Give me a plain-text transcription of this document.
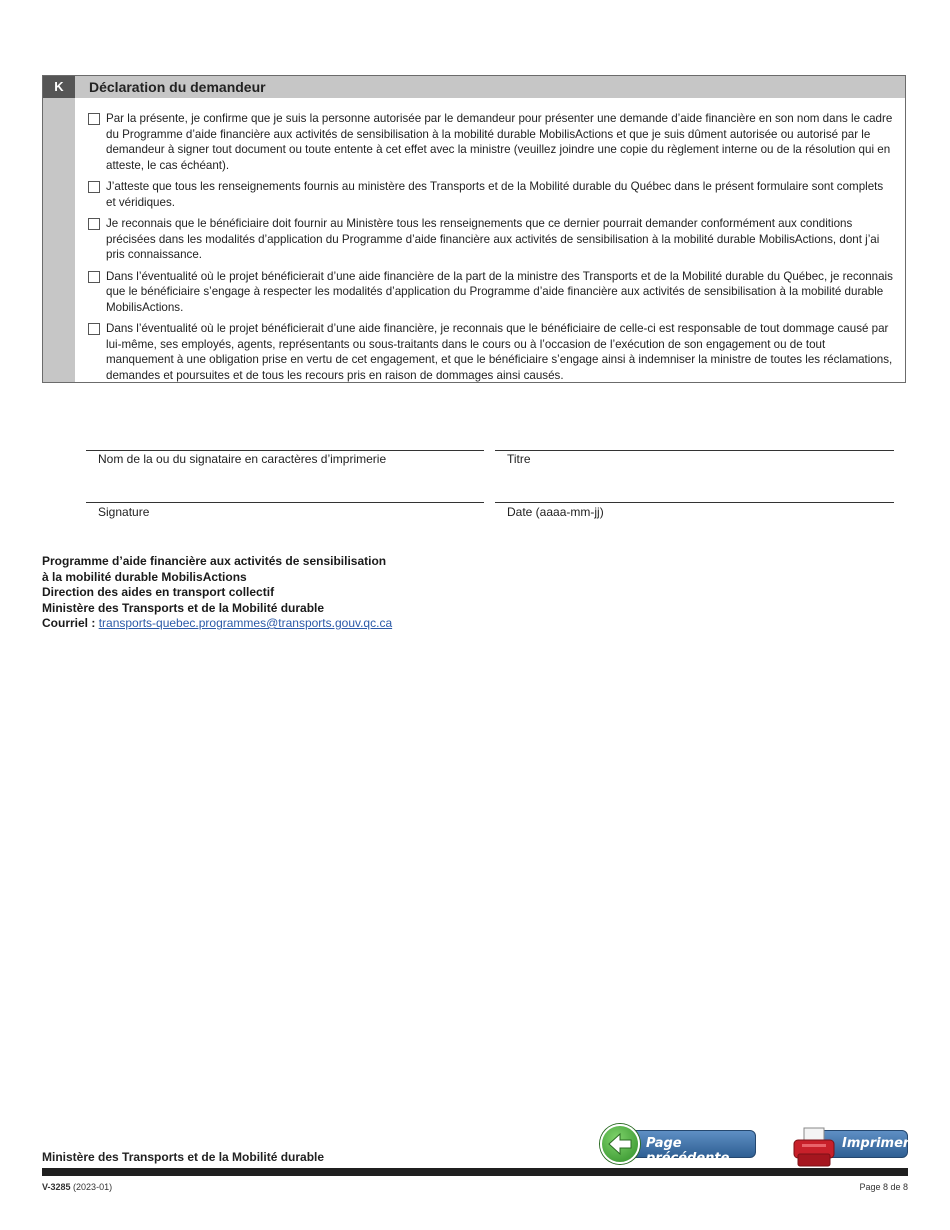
K	Déclaration du demandeur
Par la présente, je confirme que je suis la personne autorisée par le demandeur pour présenter une demande d’aide financière en son nom dans le cadre du Programme d’aide financière aux activités de sensibilisation à la mobilité durable MobilisActions et que je suis dûment autorisée ou autorisé par le demandeur à signer tout document ou toute entente à cet effet avec la ministre (veuillez joindre une copie du règlement interne ou de la résolution qui en atteste, le cas échéant).
J’atteste que tous les renseignements fournis au ministère des Transports et de la Mobilité durable du Québec dans le présent formulaire sont complets et véridiques.
Je reconnais que le bénéficiaire doit fournir au Ministère tous les renseignements que ce dernier pourrait demander conformément aux conditions précisées dans les modalités d’application du Programme d’aide financière aux activités de sensibilisation à la mobilité durable MobilisActions, dont j’ai pris connaissance.
Dans l’éventualité où le projet bénéficierait d’une aide financière de la part de la ministre des Transports et de la Mobilité durable du Québec, je reconnais que le bénéficiaire s’engage à respecter les modalités d’application du Programme d’aide financière aux activités de sensibilisation à la mobilité durable MobilisActions.
Dans l’éventualité où le projet bénéficierait d’une aide financière, je reconnais que le bénéficiaire de celle-ci est responsable de tout dommage causé par lui-même, ses employés, agents, représentants ou sous-traitants dans le cours ou à l’occasion de l’exécution de son engagement ou de tout manquement à une obligation prise en vertu de cet engagement, et que le bénéficiaire s’engage ainsi à indemniser la ministre de toutes les réclamations, demandes et poursuites et de tous les recours pris en raison de dommages ainsi causés.
Nom de la ou du signataire en caractères d’imprimerie	Titre
Signature	Date (aaaa-mm-jj)
Programme d’aide financière aux activités de sensibilisation
à la mobilité durable MobilisActions
Direction des aides en transport collectif
Ministère des Transports et de la Mobilité durable
Courriel : transports-quebec.programmes@transports.gouv.qc.ca
Page précédente
Imprimer
Ministère des Transports et de la Mobilité durable
V-3285 (2023-01)	Page 8 de 8
